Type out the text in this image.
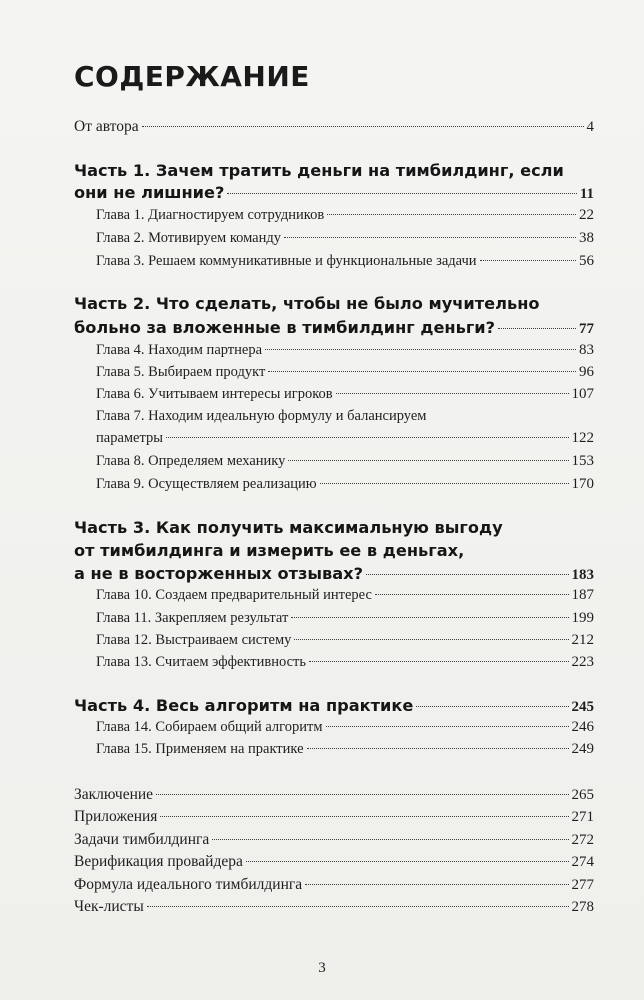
СОДЕРЖАНИЕ
От автора	4
Часть 1. Зачем тратить деньги на тимбилдинг, если
они не лишние?	11
Глава 1. Диагностируем сотрудников	22
Глава 2. Мотивируем команду	38
Глава 3. Решаем коммуникативные и функциональные задачи	56
Часть 2. Что сделать, чтобы не было мучительно
больно за вложенные в тимбилдинг деньги?	77
Глава 4. Находим партнера	83
Глава 5. Выбираем продукт	96
Глава 6. Учитываем интересы игроков	107
Глава 7. Находим идеальную формулу и балансируем
параметры	122
Глава 8. Определяем механику	153
Глава 9. Осуществляем реализацию	170
Часть 3. Как получить максимальную выгоду
от тимбилдинга и измерить ее в деньгах,
а не в восторженных отзывах?	183
Глава 10. Создаем предварительный интерес	187
Глава 11. Закрепляем результат	199
Глава 12. Выстраиваем систему	212
Глава 13. Считаем эффективность	223
Часть 4. Весь алгоритм на практике	245
Глава 14. Собираем общий алгоритм	246
Глава 15. Применяем на практике	249
Заключение	265
Приложения	271
Задачи тимбилдинга	272
Верификация провайдера	274
Формула идеального тимбилдинга	277
Чек-листы	278
3
